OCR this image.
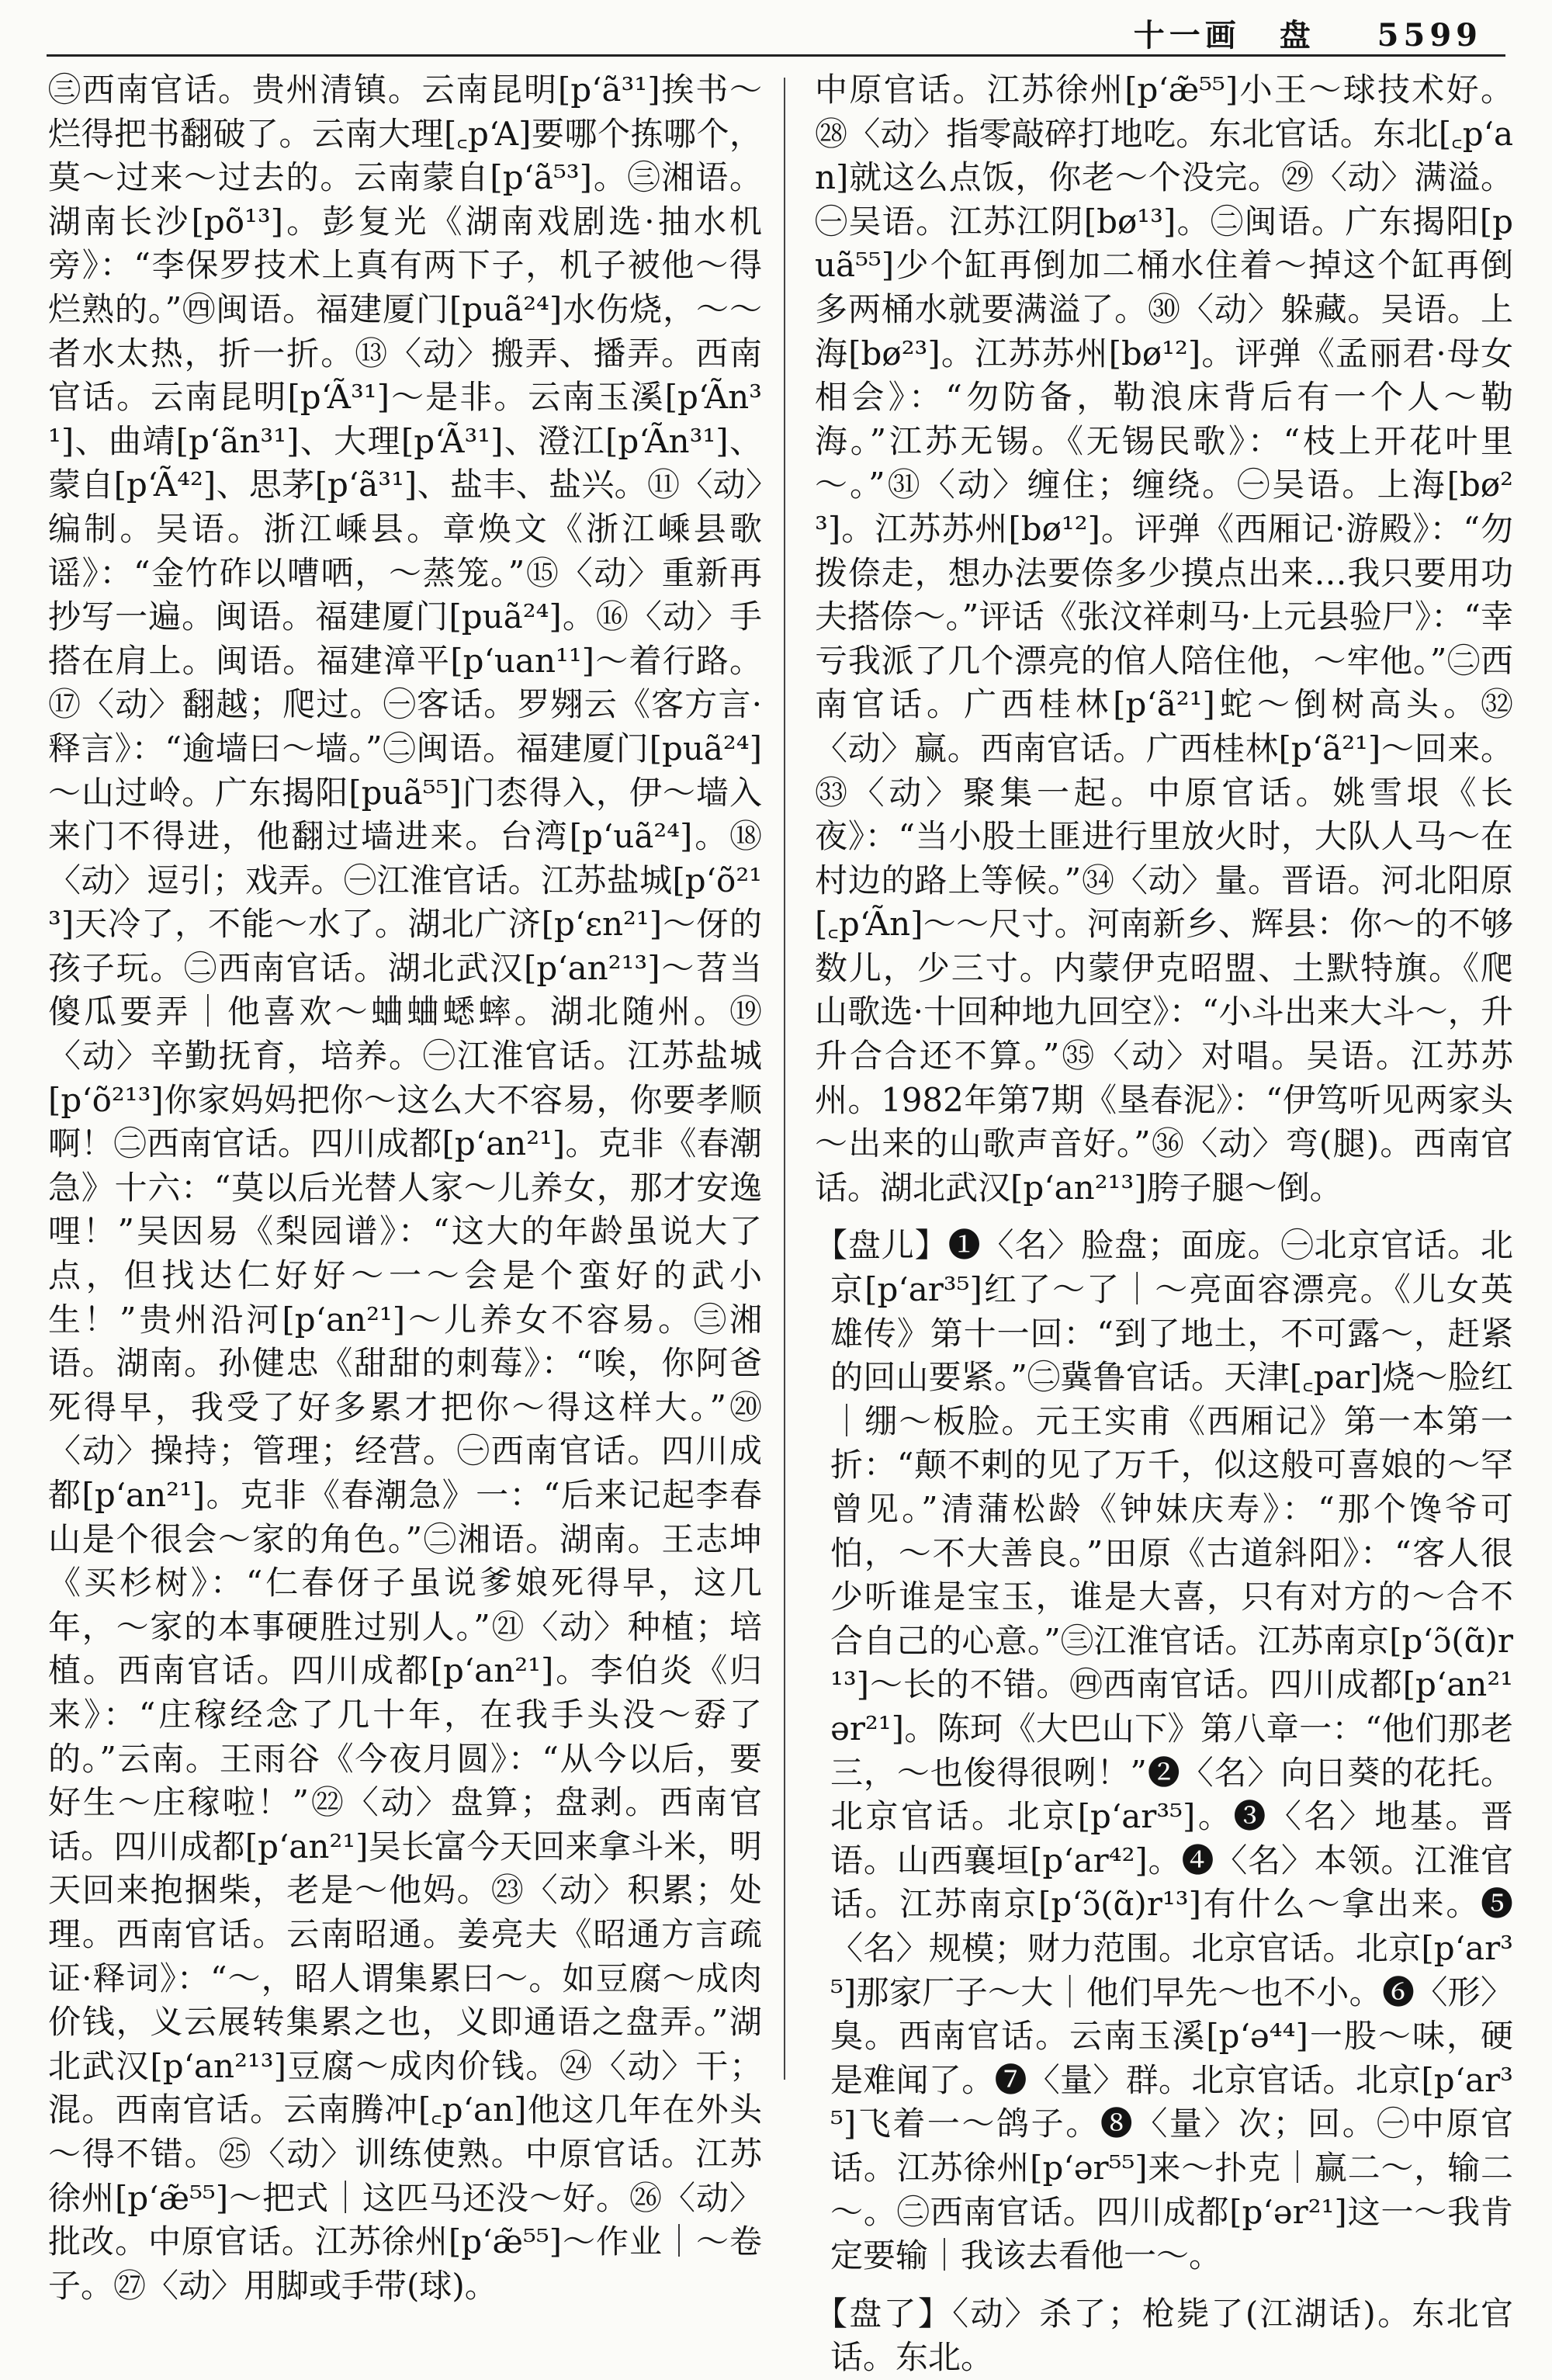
十一画 盘 5599

㊂西南官话。贵州清镇。云南昆明[pʻã³¹]挨书～烂得把书翻破了。云南大理[꜀pʻA]要哪个拣哪个，莫～过来～过去的。云南蒙自[pʻã⁵³]。㊂湘语。湖南长沙[põ¹³]。彭复光《湖南戏剧选·抽水机旁》：“李保罗技术上真有两下子，机子被他～得烂熟的。”㊃闽语。福建厦门[puã²⁴]水伤烧，～～者水太热，折一折。⑬〈动〉搬弄、播弄。西南官话。云南昆明[pʻÃ³¹]～是非。云南玉溪[pʻÃn³¹]、曲靖[pʻãn³¹]、大理[pʻÃ³¹]、澄江[pʻÃn³¹]、蒙自[pʻÃ⁴²]、思茅[pʻã³¹]、盐丰、盐兴。⑪〈动〉编制。吴语。浙江嵊县。章焕文《浙江嵊县歌谣》：“金竹砟以嘈哂，～蒸笼。”⑮〈动〉重新再抄写一遍。闽语。福建厦门[puã²⁴]。⑯〈动〉手搭在肩上。闽语。福建漳平[pʻuan¹¹]～着行路。⑰〈动〉翻越；爬过。㊀客话。罗翙云《客方言·释言》：“逾墙曰～墙。”㊁闽语。福建厦门[puã²⁴]～山过岭。广东揭阳[puã⁵⁵]门枩得入，伊～墙入来门不得进，他翻过墙进来。台湾[pʻuã²⁴]。⑱〈动〉逗引；戏弄。㊀江淮官话。江苏盐城[pʻõ²¹³]天冷了，不能～水了。湖北广济[pʻɛn²¹]～伢的孩子玩。㊁西南官话。湖北武汉[pʻan²¹³]～苕当傻瓜要弄｜他喜欢～蛐蛐蟋蟀。湖北随州。⑲〈动〉辛勤抚育，培养。㊀江淮官话。江苏盐城[pʻõ²¹³]你家妈妈把你～这么大不容易，你要孝顺啊！㊁西南官话。四川成都[pʻan²¹]。克非《春潮急》十六：“莫以后光替人家～儿养女，那才安逸哩！”吴因易《梨园谱》：“这大的年龄虽说大了点，但找达仁好好～一～会是个蛮好的武小生！”贵州沿河[pʻan²¹]～儿养女不容易。㊂湘语。湖南。孙健忠《甜甜的刺莓》：“唉，你阿爸死得早，我受了好多累才把你～得这样大。”⑳〈动〉操持；管理；经营。㊀西南官话。四川成都[pʻan²¹]。克非《春潮急》一：“后来记起李春山是个很会～家的角色。”㊁湘语。湖南。王志坤《买杉树》：“仁春伢子虽说爹娘死得早，这几年，～家的本事硬胜过别人。”㉑〈动〉种植；培植。西南官话。四川成都[pʻan²¹]。李伯炎《归来》：“庄稼经念了几十年，在我手头没～孬了的。”云南。王雨谷《今夜月圆》：“从今以后，要好生～庄稼啦！”㉒〈动〉盘算；盘剥。西南官话。四川成都[pʻan²¹]吴长富今天回来拿斗米，明天回来抱捆柴，老是～他妈。㉓〈动〉积累；处理。西南官话。云南昭通。姜亮夫《昭通方言疏证·释词》：“～，昭人谓集累曰～。如豆腐～成肉价钱，义云展转集累之也，义即通语之盘弄。”湖北武汉[pʻan²¹³]豆腐～成肉价钱。㉔〈动〉干；混。西南官话。云南腾冲[꜀pʻan]他这几年在外头～得不错。㉕〈动〉训练使熟。中原官话。江苏徐州[pʻæ̃⁵⁵]～把式｜这匹马还没～好。㉖〈动〉批改。中原官话。江苏徐州[pʻæ̃⁵⁵]～作业｜～卷子。㉗〈动〉用脚或手带(球)。

中原官话。江苏徐州[pʻæ̃⁵⁵]小王～球技术好。㉘〈动〉指零敲碎打地吃。东北官话。东北[꜀pʻan]就这么点饭，你老～个没完。㉙〈动〉满溢。㊀吴语。江苏江阴[bø¹³]。㊁闽语。广东揭阳[puã⁵⁵]少个缸再倒加二桶水住着～掉这个缸再倒多两桶水就要满溢了。㉚〈动〉躲藏。吴语。上海[bø²³]。江苏苏州[bø¹²]。评弹《孟丽君·母女相会》：“勿防备，勒浪床背后有一个人～勒海。”江苏无锡。《无锡民歌》：“枝上开花叶里～。”㉛〈动〉缠住；缠绕。㊀吴语。上海[bø²³]。江苏苏州[bø¹²]。评弹《西厢记·游殿》：“勿拨倷走，想办法要倷多少摸点出来…我只要用功夫搭倷～。”评话《张汶祥刺马·上元县验尸》：“幸亏我派了几个漂亮的倌人陪住他，～牢他。”㊁西南官话。广西桂林[pʻã²¹]蛇～倒树高头。㉜〈动〉赢。西南官话。广西桂林[pʻã²¹]～回来。㉝〈动〉聚集一起。中原官话。姚雪垠《长夜》：“当小股土匪进行里放火时，大队人马～在村边的路上等候。”㉞〈动〉量。晋语。河北阳原[꜀pʻÃn]～～尺寸。河南新乡、辉县：你～的不够数儿，少三寸。内蒙伊克昭盟、土默特旗。《爬山歌选·十回种地九回空》：“小斗出来大斗～，升升合合还不算。”㉟〈动〉对唱。吴语。江苏苏州。1982年第7期《垦春泥》：“伊笃听见两家头～出来的山歌声音好。”㊱〈动〉弯(腿)。西南官话。湖北武汉[pʻan²¹³]胯子腿～倒。

【盘儿】❶〈名〉脸盘；面庞。㊀北京官话。北京[pʻar³⁵]红了～了｜～亮面容漂亮。《儿女英雄传》第十一回：“到了地土，不可露～，赶紧的回山要紧。”㊁冀鲁官话。天津[꜀par]烧～脸红｜绷～板脸。元王实甫《西厢记》第一本第一折：“颠不剌的见了万千，似这般可喜娘的～罕曾见。”清蒲松龄《钟妹庆寿》：“那个馋爷可怕，～不大善良。”田原《古道斜阳》：“客人很少听谁是宝玉，谁是大喜，只有对方的～合不合自己的心意。”㊂江淮官话。江苏南京[pʻɔ̃(ɑ̃)r¹³]～长的不错。㊃西南官话。四川成都[pʻan²¹ ər²¹]。陈珂《大巴山下》第八章一：“他们那老三，～也俊得很咧！”❷〈名〉向日葵的花托。北京官话。北京[pʻar³⁵]。❸〈名〉地基。晋语。山西襄垣[pʻar⁴²]。❹〈名〉本领。江淮官话。江苏南京[pʻɔ̃(ɑ̃)r¹³]有什么～拿出来。❺〈名〉规模；财力范围。北京官话。北京[pʻar³⁵]那家厂子～大｜他们早先～也不小。❻〈形〉臭。西南官话。云南玉溪[pʻə⁴⁴]一股～味，硬是难闻了。❼〈量〉群。北京官话。北京[pʻar³⁵]飞着一～鸽子。❽〈量〉次；回。㊀中原官话。江苏徐州[pʻər⁵⁵]来～扑克｜赢二～，输二～。㊁西南官话。四川成都[pʻər²¹]这一～我肯定要输｜我该去看他一～。

【盘了】〈动〉杀了；枪毙了(江湖话)。东北官话。东北。
